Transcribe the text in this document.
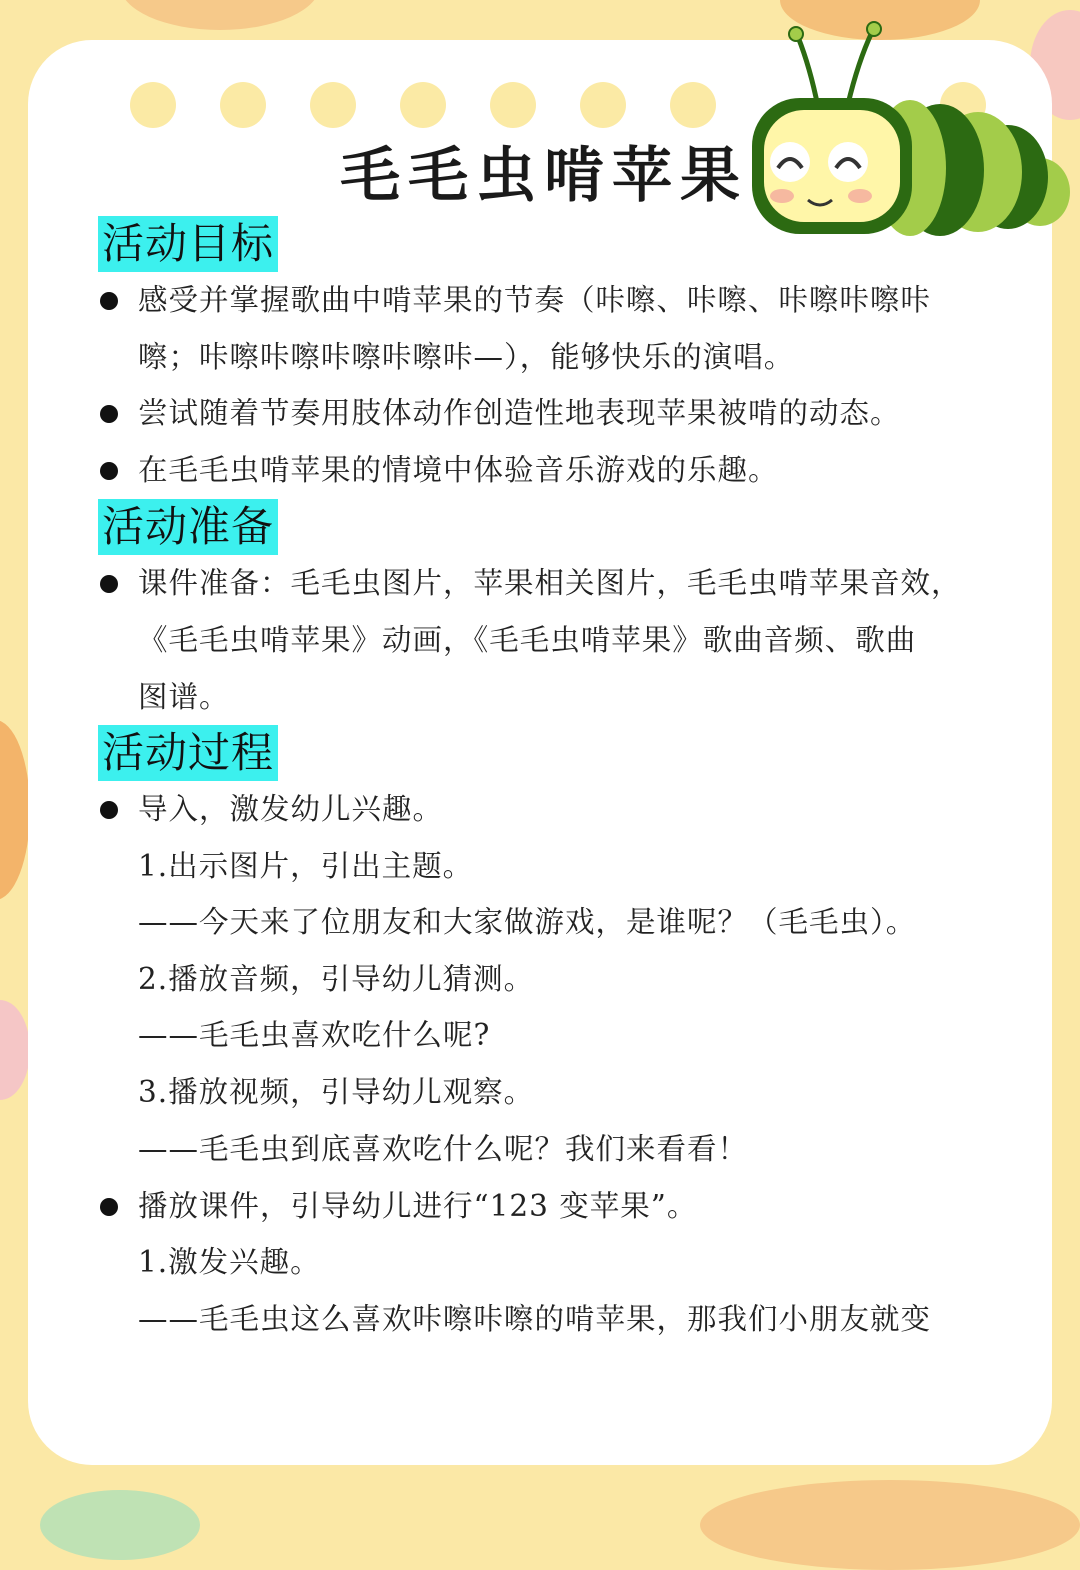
毛毛虫啃苹果
活动目标

感受并掌握歌曲中啃苹果的节奏（咔嚓、咔嚓、咔嚓咔嚓咔

嚓；咔嚓咔嚓咔嚓咔嚓咔—），能够快乐的演唱。

尝试随着节奏用肢体动作创造性地表现苹果被啃的动态。

在毛毛虫啃苹果的情境中体验音乐游戏的乐趣。

活动准备

课件准备：毛毛虫图片，苹果相关图片，毛毛虫啃苹果音效，

《毛毛虫啃苹果》动画，《毛毛虫啃苹果》歌曲音频、歌曲

图谱。

活动过程

导入，激发幼儿兴趣。

1.出示图片，引出主题。

——今天来了位朋友和大家做游戏，是谁呢？（毛毛虫）。

2.播放音频，引导幼儿猜测。

——毛毛虫喜欢吃什么呢?

3.播放视频，引导幼儿观察。

——毛毛虫到底喜欢吃什么呢？我们来看看！

播放课件，引导幼儿进行“123 变苹果”。

1.激发兴趣。

——毛毛虫这么喜欢咔嚓咔嚓的啃苹果，那我们小朋友就变
